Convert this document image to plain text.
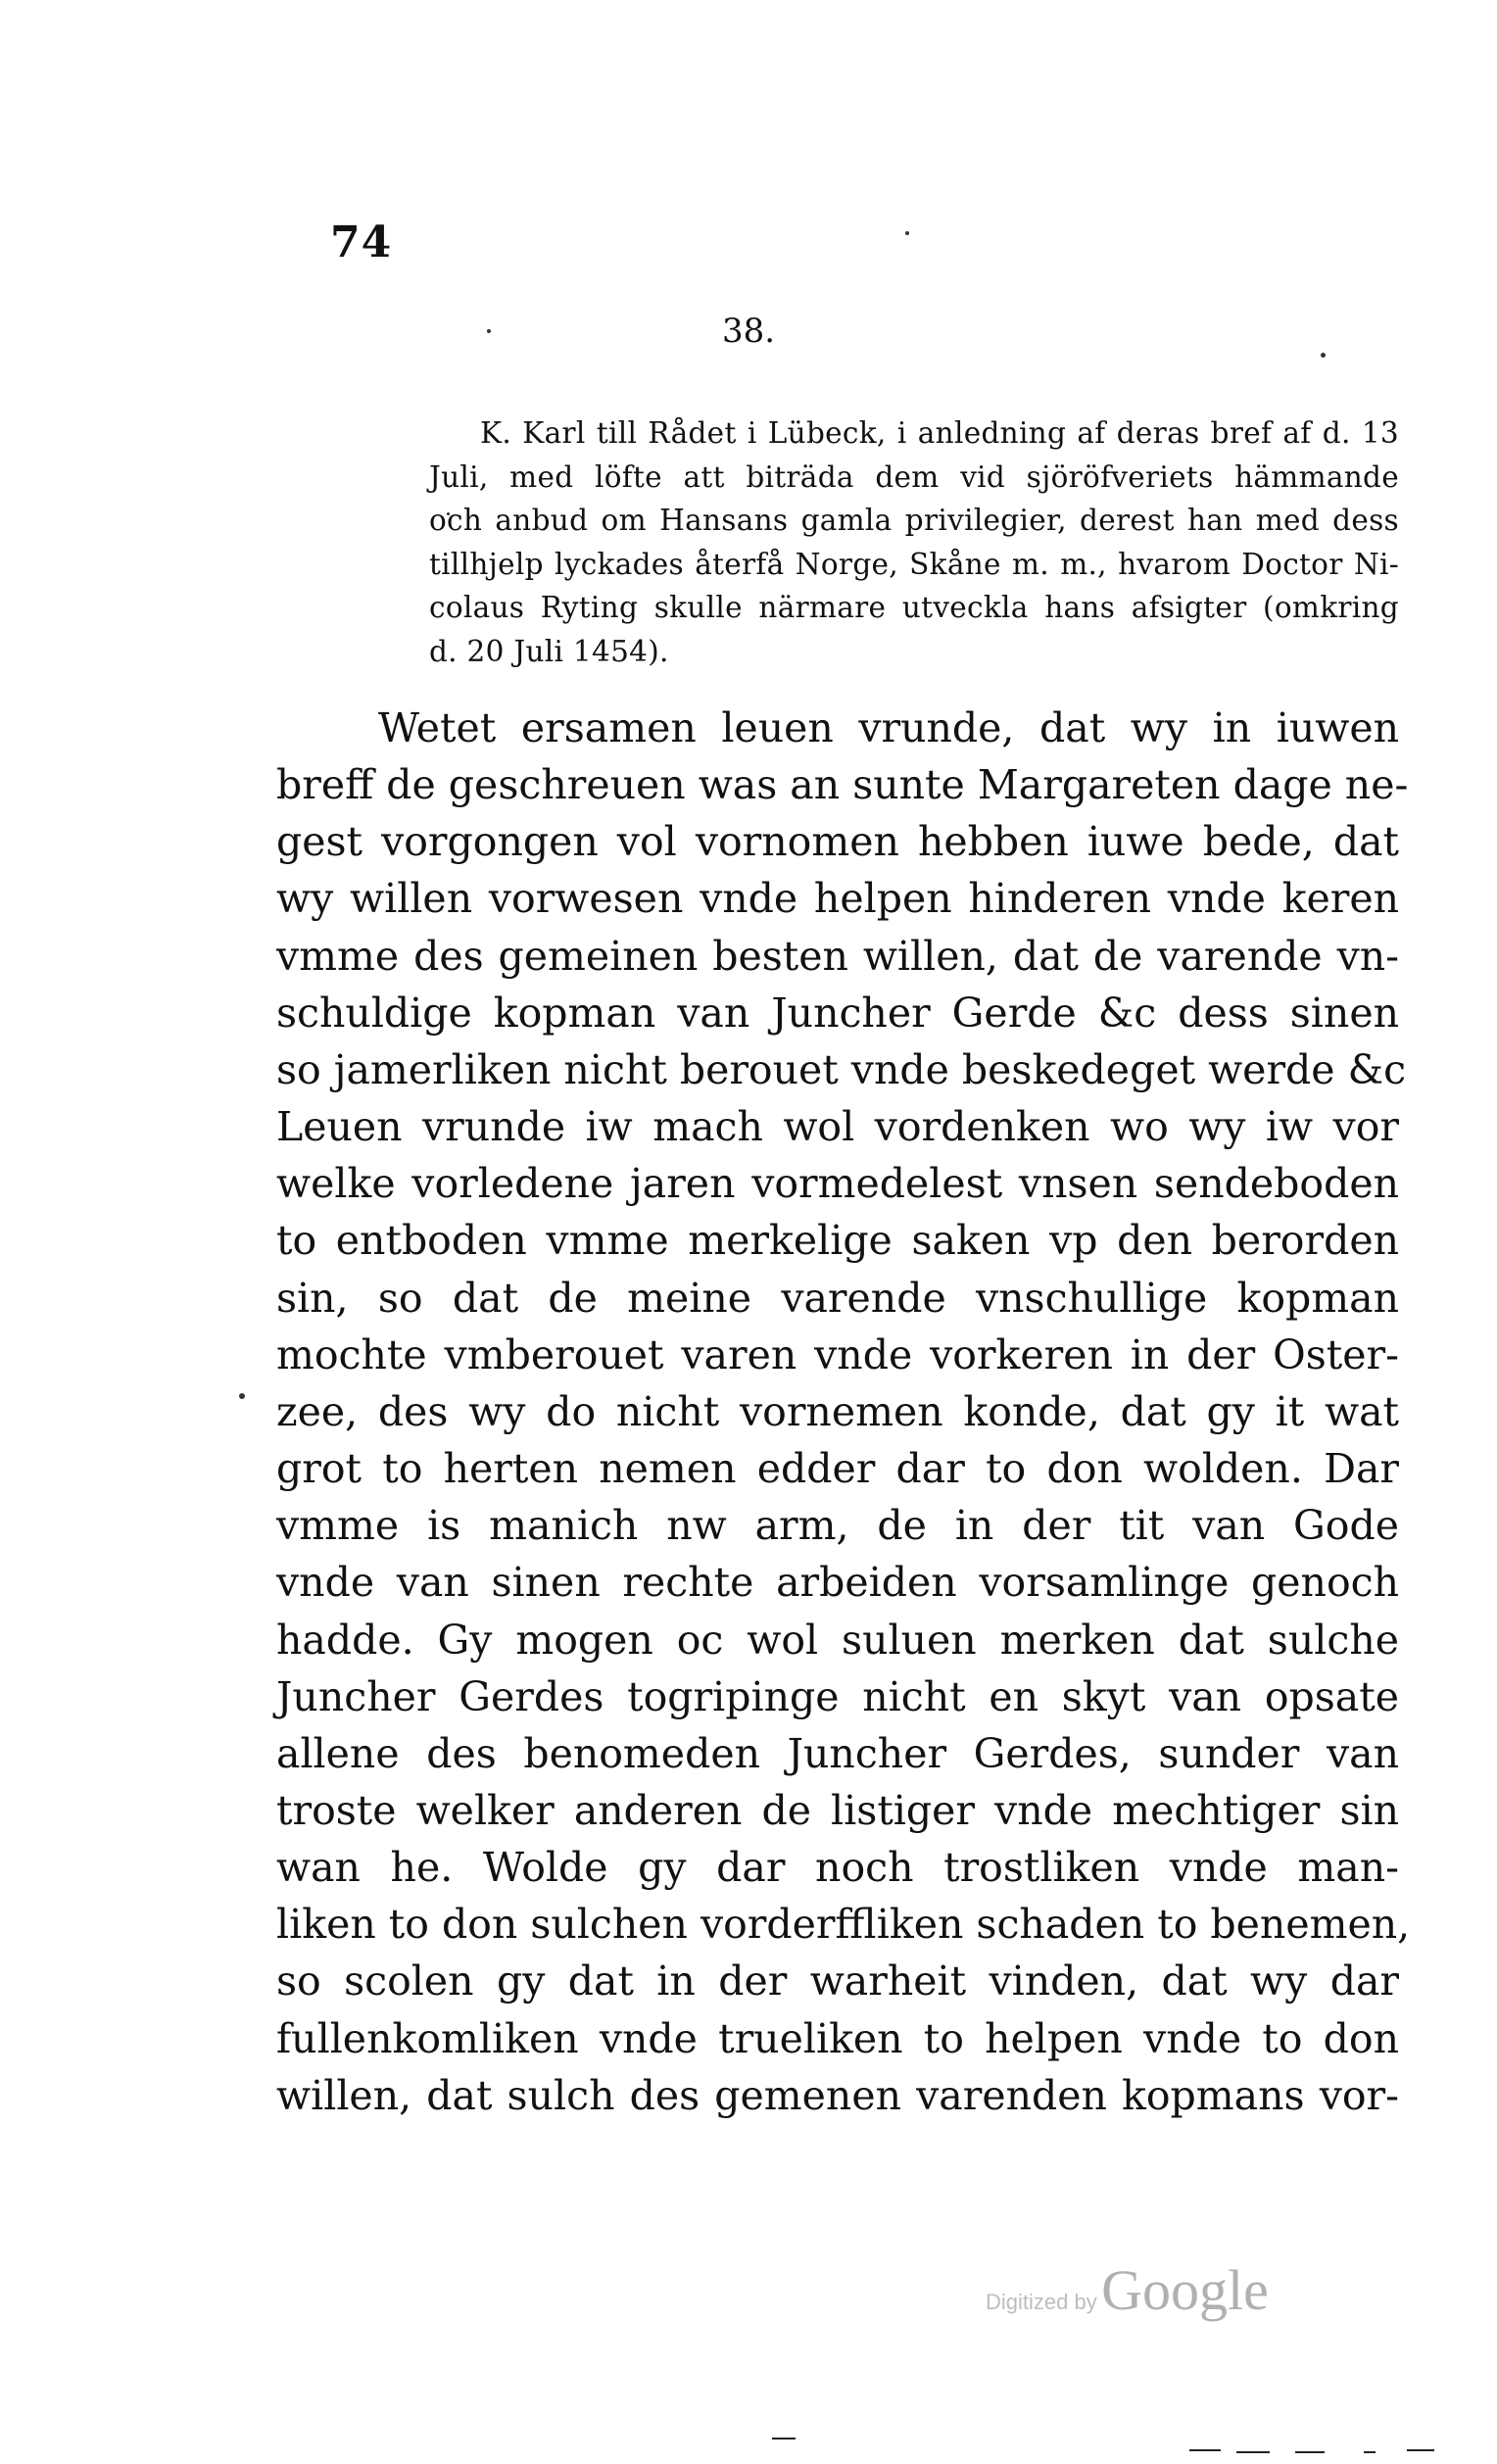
74
38.
K. Karl till Rådet i Lübeck, i anledning af deras bref af d. 13
Juli, med löfte att biträda dem vid sjöröfveriets hämmande
och anbud om Hansans gamla privilegier, derest han med dess
tillhjelp lyckades återfå Norge, Skåne m. m., hvarom Doctor Ni-
colaus Ryting skulle närmare utveckla hans afsigter (omkring
d. 20 Juli 1454).
Wetet ersamen leuen vrunde, dat wy in iuwen
breff de geschreuen was an sunte Margareten dage ne-
gest vorgongen vol vornomen hebben iuwe bede, dat
wy willen vorwesen vnde helpen hinderen vnde keren
vmme des gemeinen besten willen, dat de varende vn-
schuldige kopman van Juncher Gerde &c dess sinen
so jamerliken nicht berouet vnde beskedeget werde &c
Leuen vrunde iw mach wol vordenken wo wy iw vor
welke vorledene jaren vormedelest vnsen sendeboden
to entboden vmme merkelige saken vp den berorden
sin, so dat de meine varende vnschullige kopman
mochte vmberouet varen vnde vorkeren in der Oster-
zee, des wy do nicht vornemen konde, dat gy it wat
grot to herten nemen edder dar to don wolden. Dar
vmme is manich nw arm, de in der tit van Gode
vnde van sinen rechte arbeiden vorsamlinge genoch
hadde. Gy mogen oc wol suluen merken dat sulche
Juncher Gerdes togripinge nicht en skyt van opsate
allene des benomeden Juncher Gerdes, sunder van
troste welker anderen de listiger vnde mechtiger sin
wan he. Wolde gy dar noch trostliken vnde man-
liken to don sulchen vorderffliken schaden to benemen,
so scolen gy dat in der warheit vinden, dat wy dar
fullenkomliken vnde trueliken to helpen vnde to don
willen, dat sulch des gemenen varenden kopmans vor-
Digitized by Google
